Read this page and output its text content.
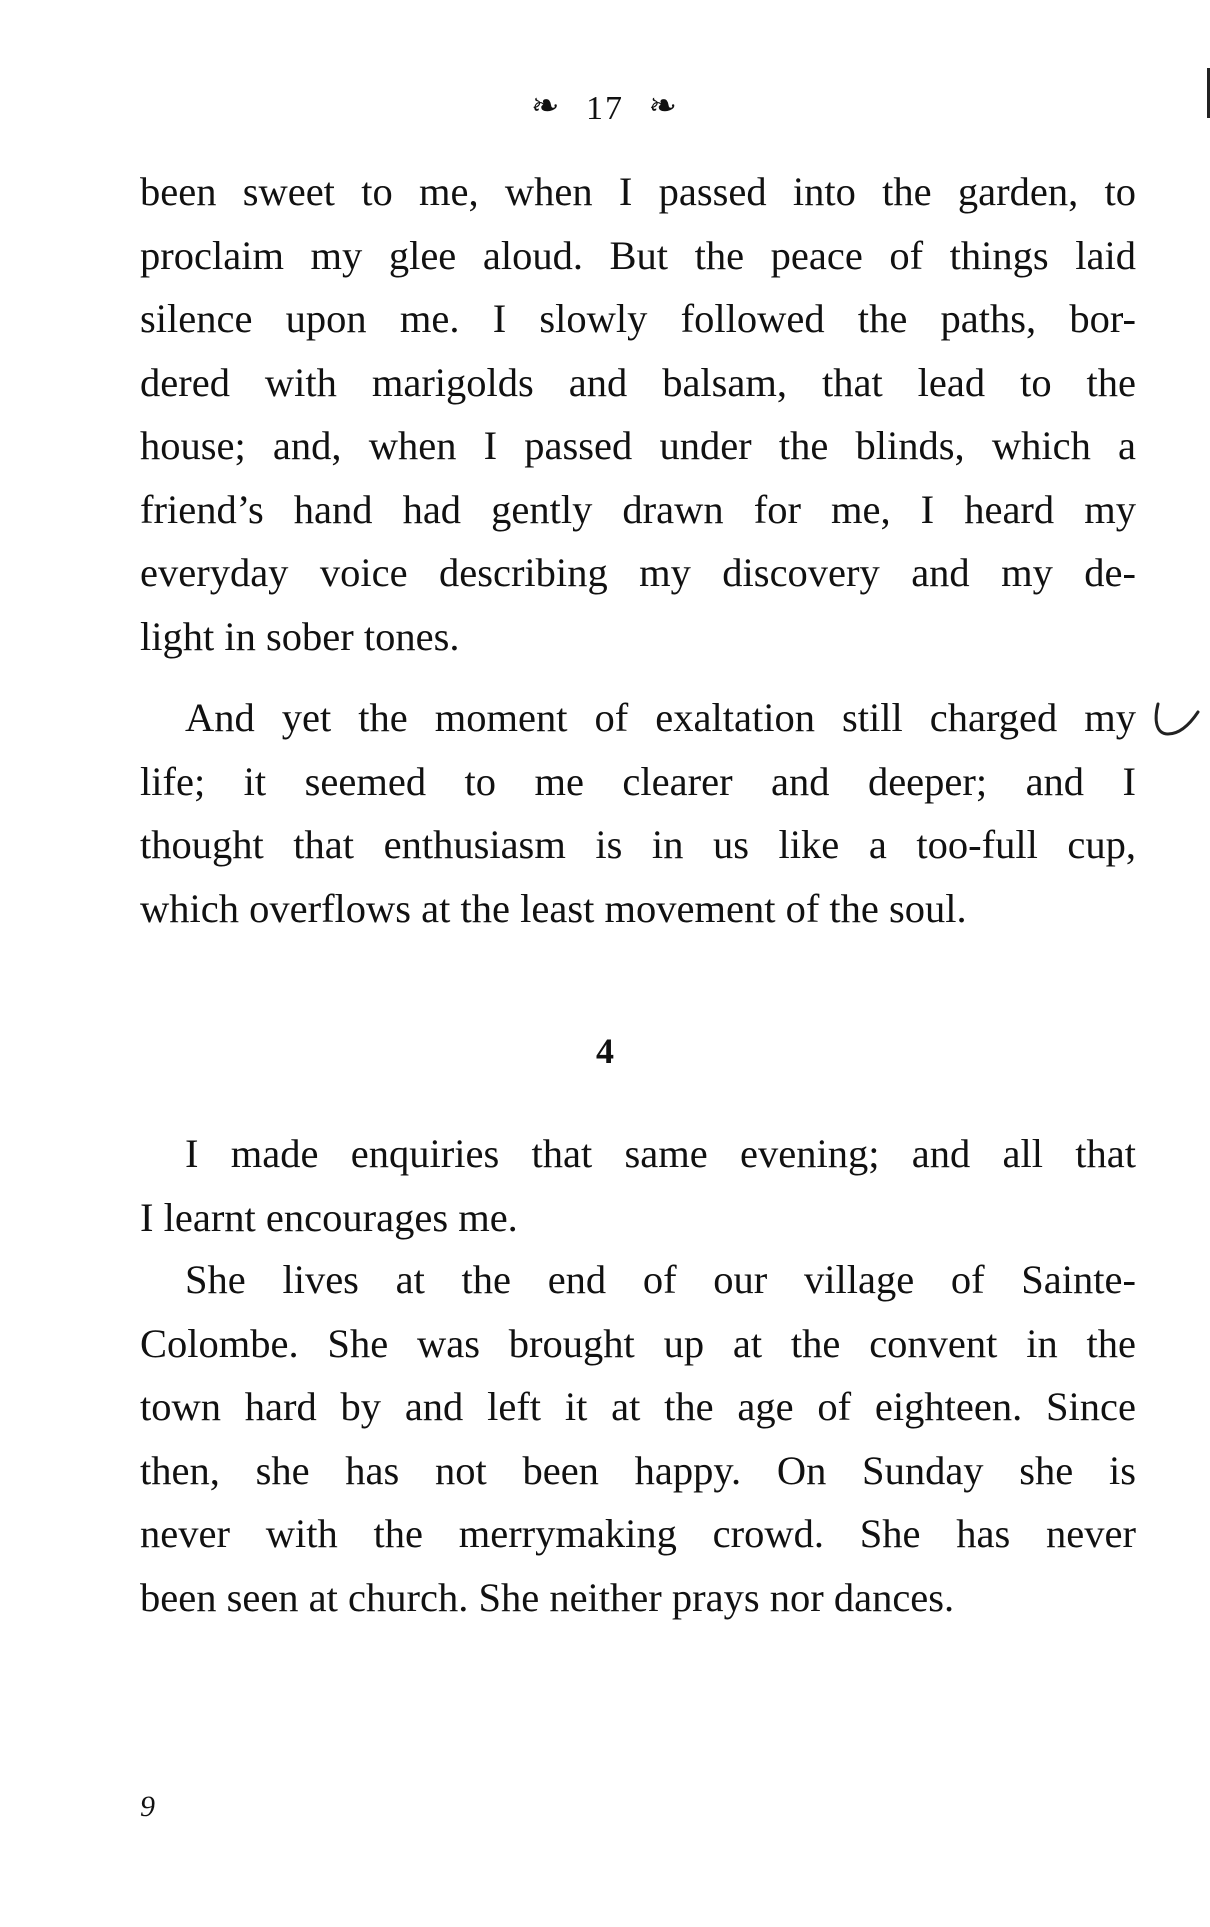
❧ 17 ❧
been sweet to me, when I passed into the garden, to
proclaim my glee aloud. But the peace of things laid
silence upon me. I slowly followed the paths, bor-
dered with marigolds and balsam, that lead to the
house; and, when I passed under the blinds, which a
friend’s hand had gently drawn for me, I heard my
everyday voice describing my discovery and my de-
light in sober tones.
And yet the moment of exaltation still charged my
life; it seemed to me clearer and deeper; and I
thought that enthusiasm is in us like a too-full cup,
which overflows at the least movement of the soul.
4
I made enquiries that same evening; and all that
I learnt encourages me.
She lives at the end of our village of Sainte-
Colombe. She was brought up at the convent in the
town hard by and left it at the age of eighteen. Since
then, she has not been happy. On Sunday she is
never with the merrymaking crowd. She has never
been seen at church. She neither prays nor dances.
9
